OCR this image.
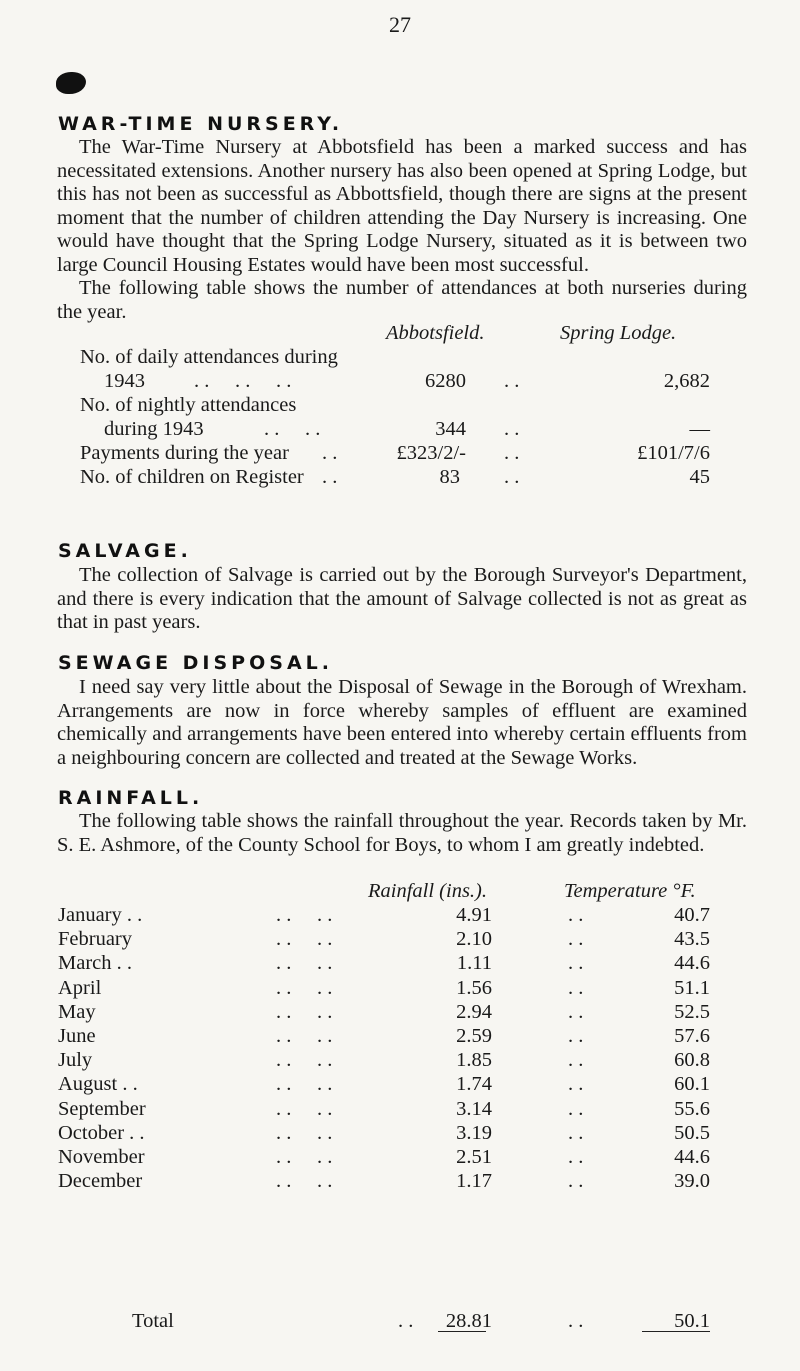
27
WAR-TIME NURSERY.

The War-Time Nursery at Abbotsfield has been a marked success and has necessitated extensions. Another nursery has also been opened at Spring Lodge, but this has not been as successful as Abbottsfield, though there are signs at the present moment that the number of children attending the Day Nursery is increasing. One would have thought that the Spring Lodge Nursery, situated as it is between two large Council Housing Estates would have been most successful.

The following table shows the number of attendances at both nurseries during the year.

Abbotsfield.	Spring Lodge.
No. of daily attendances during
1943 . .     . .     . .	6280 . .	2,682
No. of nightly attendances
during 1943	. .     . .	344 . .	—
Payments during the year . .	£323/2/- . .	£101/7/6
No. of children on Register . .	83 . .	45
SALVAGE.

The collection of Salvage is carried out by the Borough Surveyor's Department, and there is every indication that the amount of Salvage collected is not as great as that in past years.

SEWAGE DISPOSAL.

I need say very little about the Disposal of Sewage in the Borough of Wrexham. Arrangements are now in force whereby samples of effluent are examined chemically and arrangements have been entered into whereby certain effluents from a neighbouring concern are collected and treated at the Sewage Works.

RAINFALL.

The following table shows the rainfall throughout the year. Records taken by Mr. S. E. Ashmore, of the County School for Boys, to whom I am greatly indebted.

Rainfall (ins.).	Temperature °F.
January . .	. .     . .	4.91	. .	40.7
February	. .     . .	2.10	. .	43.5
March . .	. .     . .	1.11	. .	44.6
April	. .     . .	1.56	. .	51.1
May	. .     . .	2.94	. .	52.5
June	. .     . .	2.59	. .	57.6
July	. .     . .	1.85	. .	60.8
August . .	. .     . .	1.74	. .	60.1
September	. .     . .	3.14	. .	55.6
October . .	. .     . .	3.19	. .	50.5
November	. .     . .	2.51	. .	44.6
December	. .     . .	1.17	. .	39.0
Total	. .	28.81	. .	50.1
